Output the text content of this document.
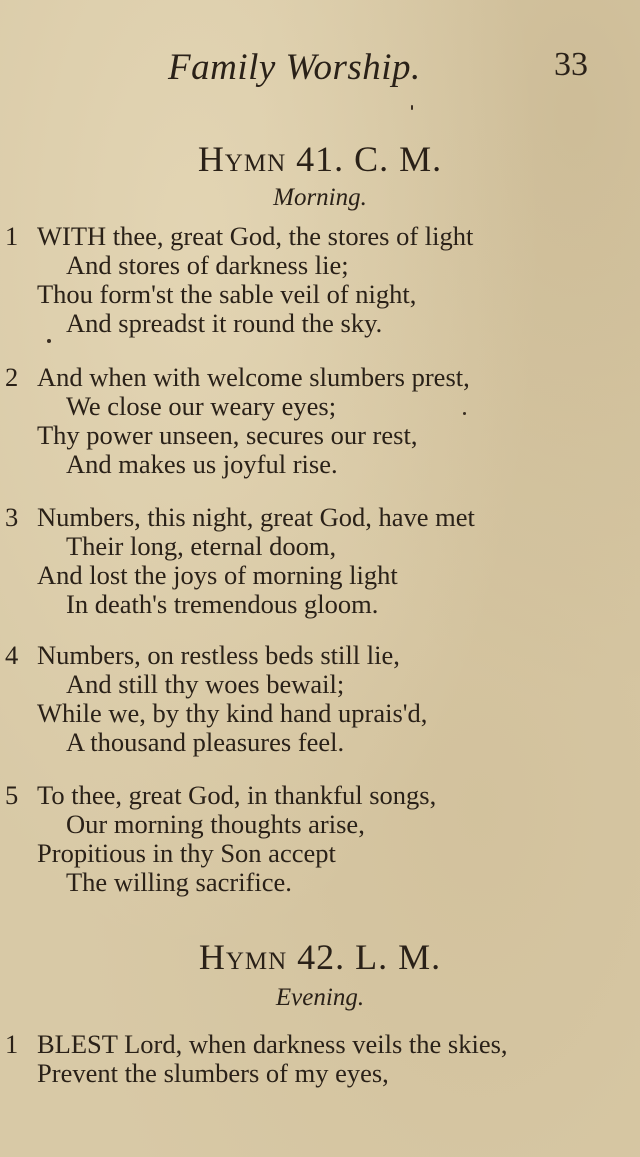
Family Worship.	33
Hymn 41. C. M.
Morning.
1 WITH thee, great God, the stores of light
And stores of darkness lie;
Thou form'st the sable veil of night,
And spreadst it round the sky.
2 And when with welcome slumbers prest,
We close our weary eyes;
Thy power unseen, secures our rest,
And makes us joyful rise.
3 Numbers, this night, great God, have met
Their long, eternal doom,
And lost the joys of morning light
In death's tremendous gloom.
4 Numbers, on restless beds still lie,
And still thy woes bewail;
While we, by thy kind hand uprais'd,
A thousand pleasures feel.
5 To thee, great God, in thankful songs,
Our morning thoughts arise,
Propitious in thy Son accept
The willing sacrifice.
Hymn 42. L. M.
Evening.
1 BLEST Lord, when darkness veils the skies,
Prevent the slumbers of my eyes,
